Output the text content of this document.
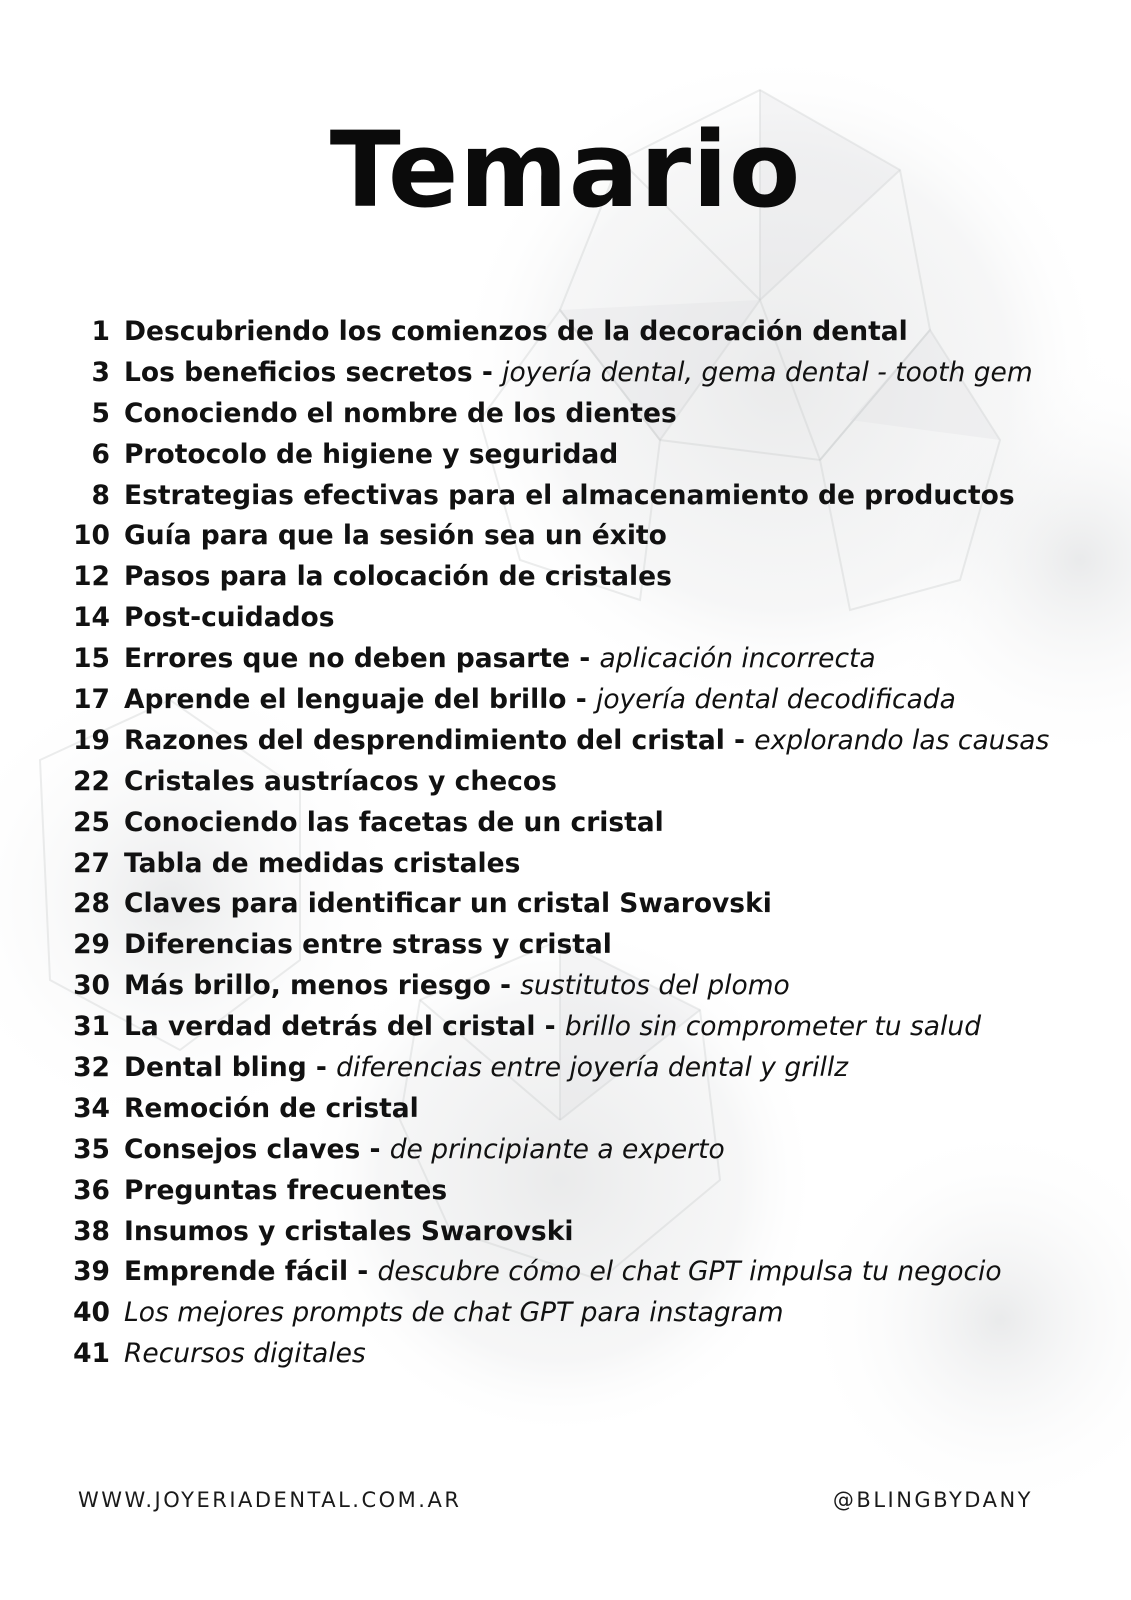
Temario
1 Descubriendo los comienzos de la decoración dental
3 Los beneficios secretos - joyería dental, gema dental - tooth gem
5 Conociendo el nombre de los dientes
6 Protocolo de higiene y seguridad
8 Estrategias efectivas para el almacenamiento de productos
10 Guía para que la sesión sea un éxito
12 Pasos para la colocación de cristales
14 Post-cuidados
15 Errores que no deben pasarte - aplicación incorrecta
17 Aprende el lenguaje del brillo - joyería dental decodificada
19 Razones del desprendimiento del cristal - explorando las causas
22 Cristales austríacos y checos
25 Conociendo las facetas de un cristal
27 Tabla de medidas cristales
28 Claves para identificar un cristal Swarovski
29 Diferencias entre strass y cristal
30 Más brillo, menos riesgo - sustitutos del plomo
31 La verdad detrás del cristal - brillo sin comprometer tu salud
32 Dental bling - diferencias entre joyería dental y grillz
34 Remoción de cristal
35 Consejos claves - de principiante a experto
36 Preguntas frecuentes
38 Insumos y cristales Swarovski
39 Emprende fácil - descubre cómo el chat GPT impulsa tu negocio
40 Los mejores prompts de chat GPT para instagram
41 Recursos digitales
WWW.JOYERIADENTAL.COM.AR	@BLINGBYDANY
